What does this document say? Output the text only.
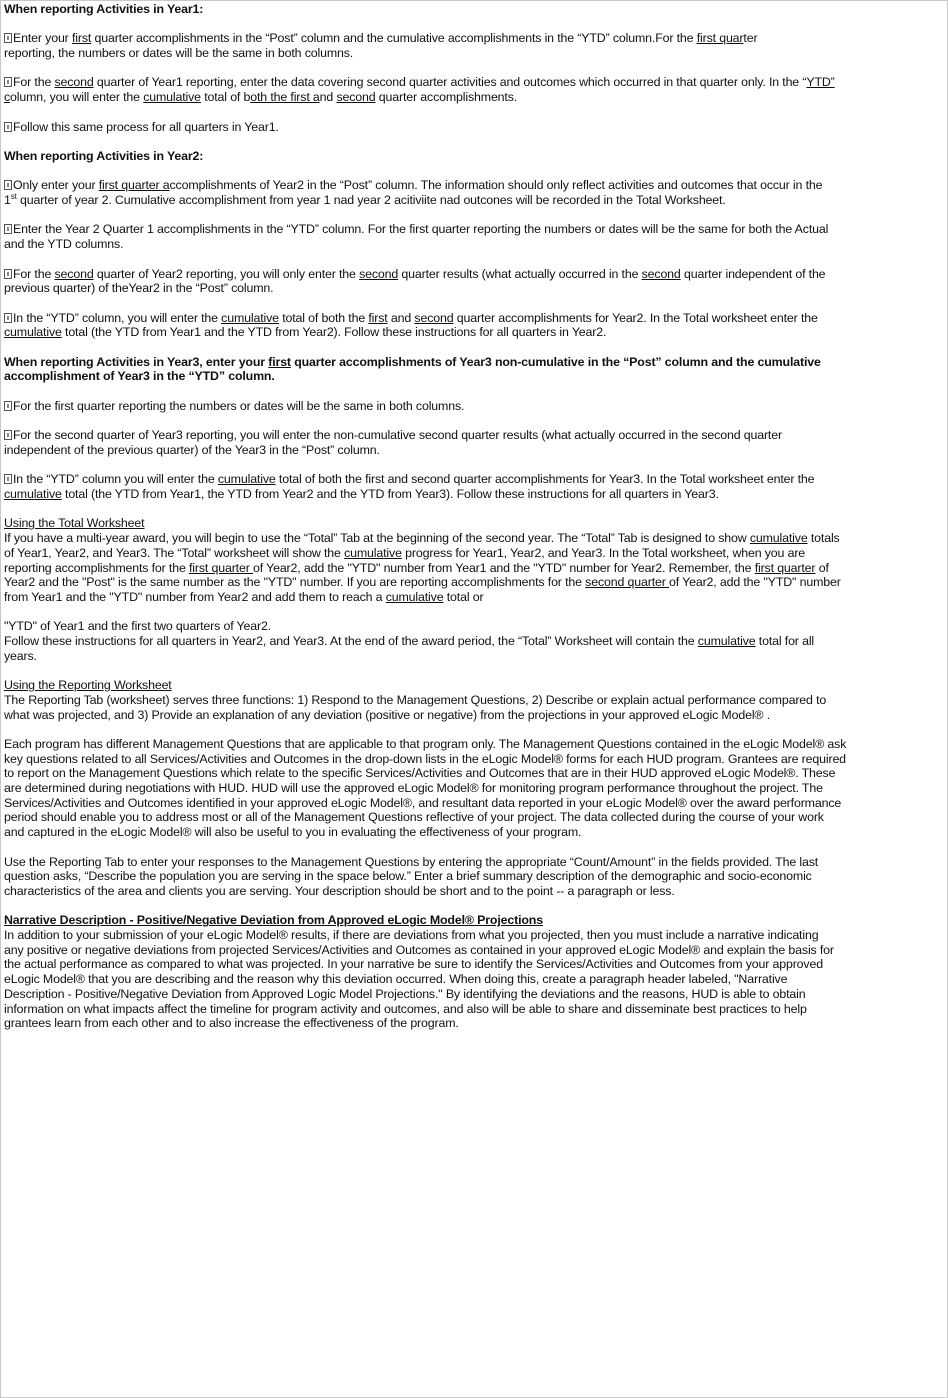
When reporting Activities in Year1:

Enter your first quarter accomplishments in the “Post” column and the cumulative accomplishments in the “YTD” column.For the first quarter

reporting, the numbers or dates will be the same in both columns.

For the second quarter of Year1 reporting, enter the data covering second quarter activities and outcomes which occurred in that quarter only. In the “YTD”

column, you will enter the cumulative total of both the first and second quarter accomplishments.

Follow this same process for all quarters in Year1.

When reporting Activities in Year2:

Only enter your first quarter accomplishments of Year2 in the “Post” column. The information should only reflect activities and outcomes that occur in the

1st quarter of year 2. Cumulative accomplishment from year 1 nad year 2 acitiviite nad outcones will be recorded in the Total Worksheet.

Enter the Year 2 Quarter 1 accomplishments in the “YTD” column. For the first quarter reporting the numbers or dates will be the same for both the Actual

and the YTD columns.

For the second quarter of Year2 reporting, you will only enter the second quarter results (what actually occurred in the second quarter independent of the

previous quarter) of theYear2 in the “Post” column.

In the “YTD” column, you will enter the cumulative total of both the first and second quarter accomplishments for Year2. In the Total worksheet enter the

cumulative total (the YTD from Year1 and the YTD from Year2). Follow these instructions for all quarters in Year2.

When reporting Activities in Year3, enter your first quarter accomplishments of Year3 non-cumulative in the “Post” column and the cumulative

accomplishment of Year3 in the “YTD” column.

For the first quarter reporting the numbers or dates will be the same in both columns.

For the second quarter of Year3 reporting, you will enter the non-cumulative second quarter results (what actually occurred in the second quarter

independent of the previous quarter) of the Year3 in the “Post” column.

In the “YTD” column you will enter the cumulative total of both the first and second quarter accomplishments for Year3. In the Total worksheet enter the

cumulative total (the YTD from Year1, the YTD from Year2 and the YTD from Year3). Follow these instructions for all quarters in Year3.

Using the Total Worksheet

If you have a multi-year award, you will begin to use the “Total” Tab at the beginning of the second year. The “Total” Tab is designed to show cumulative totals

of Year1, Year2, and Year3. The “Total” worksheet will show the cumulative progress for Year1, Year2, and Year3. In the Total worksheet, when you are

reporting accomplishments for the first quarter of Year2, add the "YTD" number from Year1 and the "YTD" number for Year2. Remember, the first quarter of

Year2 and the "Post" is the same number as the "YTD" number. If you are reporting accomplishments for the second quarter of Year2, add the "YTD" number

from Year1 and the "YTD" number from Year2 and add them to reach a cumulative total or

"YTD" of Year1 and the first two quarters of Year2.

Follow these instructions for all quarters in Year2, and Year3. At the end of the award period, the “Total” Worksheet will contain the cumulative total for all

years.

Using the Reporting Worksheet

The Reporting Tab (worksheet) serves three functions: 1) Respond to the Management Questions, 2) Describe or explain actual performance compared to

what was projected, and 3) Provide an explanation of any deviation (positive or negative) from the projections in your approved eLogic Model® .

Each program has different Management Questions that are applicable to that program only. The Management Questions contained in the eLogic Model® ask

key questions related to all Services/Activities and Outcomes in the drop-down lists in the eLogic Model® forms for each HUD program. Grantees are required

to report on the Management Questions which relate to the specific Services/Activities and Outcomes that are in their HUD approved eLogic Model®. These

are determined during negotiations with HUD. HUD will use the approved eLogic Model® for monitoring program performance throughout the project. The

Services/Activities and Outcomes identified in your approved eLogic Model®, and resultant data reported in your eLogic Model® over the award performance

period should enable you to address most or all of the Management Questions reflective of your project. The data collected during the course of your work

and captured in the eLogic Model® will also be useful to you in evaluating the effectiveness of your program.

Use the Reporting Tab to enter your responses to the Management Questions by entering the appropriate “Count/Amount” in the fields provided. The last

question asks, “Describe the population you are serving in the space below.” Enter a brief summary description of the demographic and socio-economic

characteristics of the area and clients you are serving. Your description should be short and to the point -- a paragraph or less.

Narrative Description - Positive/Negative Deviation from Approved eLogic Model® Projections

In addition to your submission of your eLogic Model® results, if there are deviations from what you projected, then you must include a narrative indicating

any positive or negative deviations from projected Services/Activities and Outcomes as contained in your approved eLogic Model® and explain the basis for

the actual performance as compared to what was projected. In your narrative be sure to identify the Services/Activities and Outcomes from your approved

eLogic Model® that you are describing and the reason why this deviation occurred. When doing this, create a paragraph header labeled, "Narrative

Description - Positive/Negative Deviation from Approved Logic Model Projections." By identifying the deviations and the reasons, HUD is able to obtain

information on what impacts affect the timeline for program activity and outcomes, and also will be able to share and disseminate best practices to help

grantees learn from each other and to also increase the effectiveness of the program.
